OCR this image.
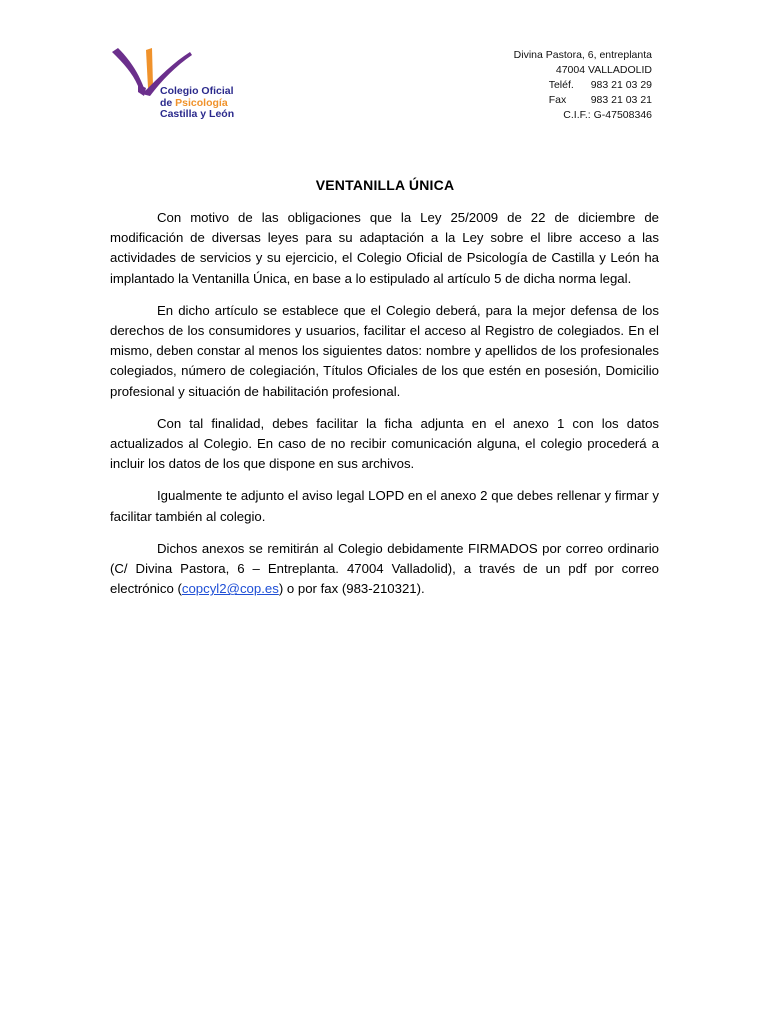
Colegio Oficial
de Psicología
Castilla y León
Divina Pastora, 6, entreplanta
47004 VALLADOLID
Teléf. 983 21 03 29
Fax 983 21 03 21
C.I.F.: G-47508346
VENTANILLA ÚNICA

Con motivo de las obligaciones que la Ley 25/2009 de 22 de diciembre de modificación de diversas leyes para su adaptación a la Ley sobre el libre acceso a las actividades de servicios y su ejercicio, el Colegio Oficial de Psicología de Castilla y León ha implantado la Ventanilla Única, en base a lo estipulado al artículo 5 de dicha norma legal.

En dicho artículo se establece que el Colegio deberá, para la mejor defensa de los derechos de los consumidores y usuarios, facilitar el acceso al Registro de colegiados. En el mismo, deben constar al menos los siguientes datos: nombre y apellidos de los profesionales colegiados, número de colegiación, Títulos Oficiales de los que estén en posesión, Domicilio profesional y situación de habilitación profesional.

Con tal finalidad, debes facilitar la ficha adjunta en el anexo 1 con los datos actualizados al Colegio. En caso de no recibir comunicación alguna, el colegio procederá a incluir los datos de los que dispone en sus archivos.

Igualmente te adjunto el aviso legal LOPD en el anexo 2 que debes rellenar y firmar y facilitar también al colegio.

Dichos anexos se remitirán al Colegio debidamente FIRMADOS por correo ordinario (C/ Divina Pastora, 6 – Entreplanta. 47004 Valladolid), a través de un pdf por correo electrónico (copcyl2@cop.es) o por fax (983-210321).
